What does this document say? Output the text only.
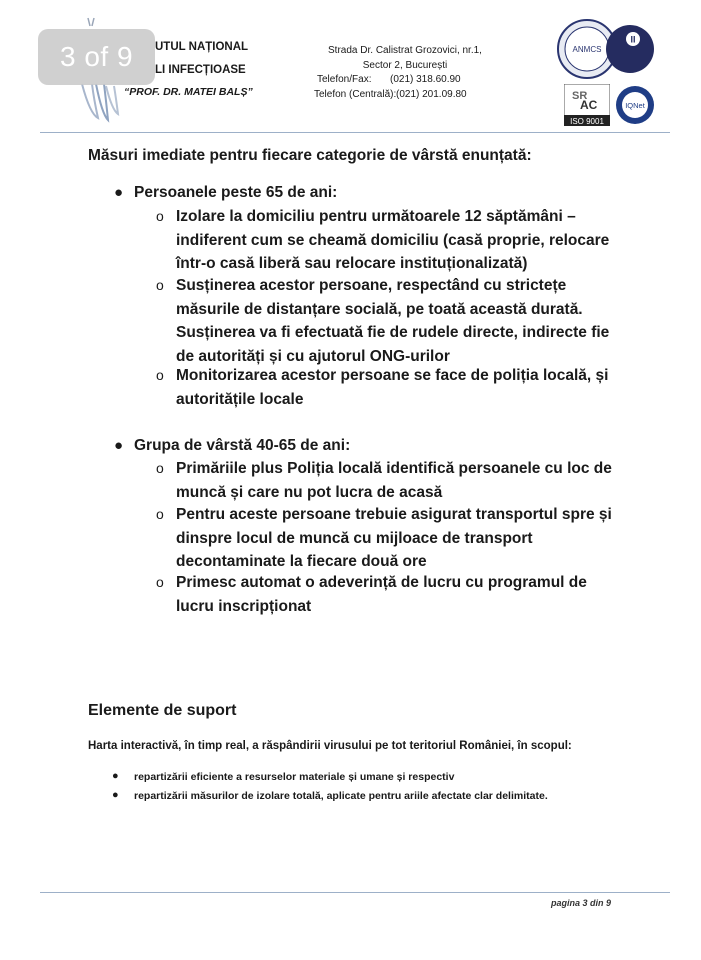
UTUL NAȚIONAL
LI INFECȚIOASE
“PROF. DR. MATEI BALȘ”
3 of 9	Strada Dr. Calistrat Grozovici, nr.1,
Sector 2, București
Telefon/Fax:	(021) 318.60.90
Telefon (Centrală): (021) 201.09.80
ANMCS
II
SR
AC
ISO 9001
IQNet
Măsuri imediate pentru fiecare categorie de vârstă enunțată:
● Persoanele peste 65 de ani:
o Izolare la domiciliu pentru următoarele 12 săptămâni –
indiferent cum se cheamă domiciliu (casă proprie, relocare
într-o casă liberă sau relocare instituționalizată)
o Susținerea acestor persoane, respectând cu strictețe
măsurile de distanțare socială, pe toată această durată.
Susținerea va fi efectuată fie de rudele directe, indirecte fie
de autorități și cu ajutorul ONG-urilor
o Monitorizarea acestor persoane se face de poliția locală, și
autoritățile locale
● Grupa de vârstă 40-65 de ani:
o Primăriile plus Poliția locală identifică persoanele cu loc de
muncă și care nu pot lucra de acasă
o Pentru aceste persoane trebuie asigurat transportul spre și
dinspre locul de muncă cu mijloace de transport
decontaminate la fiecare două ore
o Primesc automat o adeverință de lucru cu programul de
lucru inscripționat
Elemente de suport
Harta interactivă, în timp real, a răspândirii virusului pe tot teritoriul României, în scopul:
● repartizării eficiente a resurselor materiale și umane și respectiv
● repartizării măsurilor de izolare totală, aplicate pentru ariile afectate clar delimitate.
pagina 3 din 9
